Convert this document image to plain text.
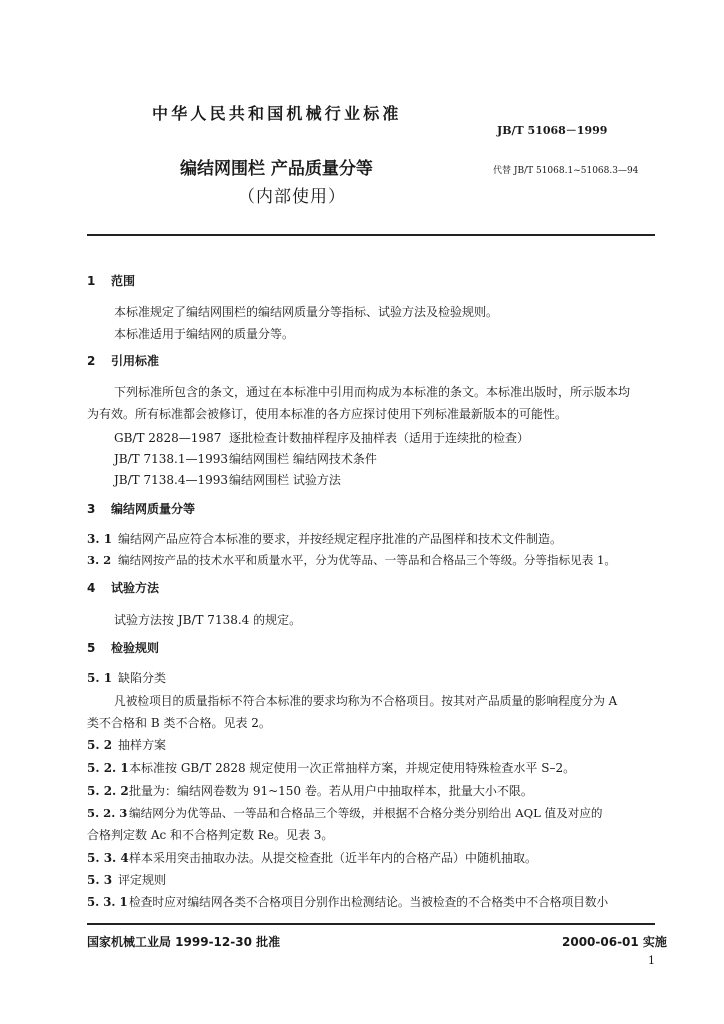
中华人民共和国机械行业标准
JB/T 51068－1999
编结网围栏 产品质量分等	代替 JB/T 51068.1~51068.3—94
（内部使用）
1 范围
本标准规定了编结网围栏的编结网质量分等指标、试验方法及检验规则。
本标准适用于编结网的质量分等。
2 引用标准
下列标准所包含的条文，通过在本标准中引用而构成为本标准的条文。本标准出版时，所示版本均
为有效。所有标准都会被修订，使用本标准的各方应探讨使用下列标准最新版本的可能性。
GB/T 2828—1987 逐批检查计数抽样程序及抽样表（适用于连续批的检查）
JB/T 7138.1—1993编结网围栏 编结网技术条件
JB/T 7138.4—1993编结网围栏 试验方法
3 编结网质量分等
3. 1 编结网产品应符合本标准的要求，并按经规定程序批准的产品图样和技术文件制造。
3. 2 编结网按产品的技术水平和质量水平，分为优等品、一等品和合格品三个等级。分等指标见表 1。
4 试验方法
试验方法按 JB/T 7138.4 的规定。
5 检验规则
5. 1 缺陷分类
凡被检项目的质量指标不符合本标准的要求均称为不合格项目。按其对产品质量的影响程度分为 A
类不合格和 B 类不合格。见表 2。
5. 2 抽样方案
5. 2. 1本标准按 GB/T 2828 规定使用一次正常抽样方案，并规定使用特殊检查水平 S–2。
5. 2. 2批量为：编结网卷数为 91~150 卷。若从用户中抽取样本，批量大小不限。
5. 2. 3 编结网分为优等品、一等品和合格品三个等级，并根据不合格分类分别给出 AQL 值及对应的
合格判定数 Ac 和不合格判定数 Re。见表 3。
5. 3. 4样本采用突击抽取办法。从提交检查批（近半年内的合格产品）中随机抽取。
5. 3 评定规则
5. 3. 1检查时应对编结网各类不合格项目分别作出检测结论。当被检查的不合格类中不合格项目数小
国家机械工业局 1999-12-30 批准	2000-06-01 实施
1
